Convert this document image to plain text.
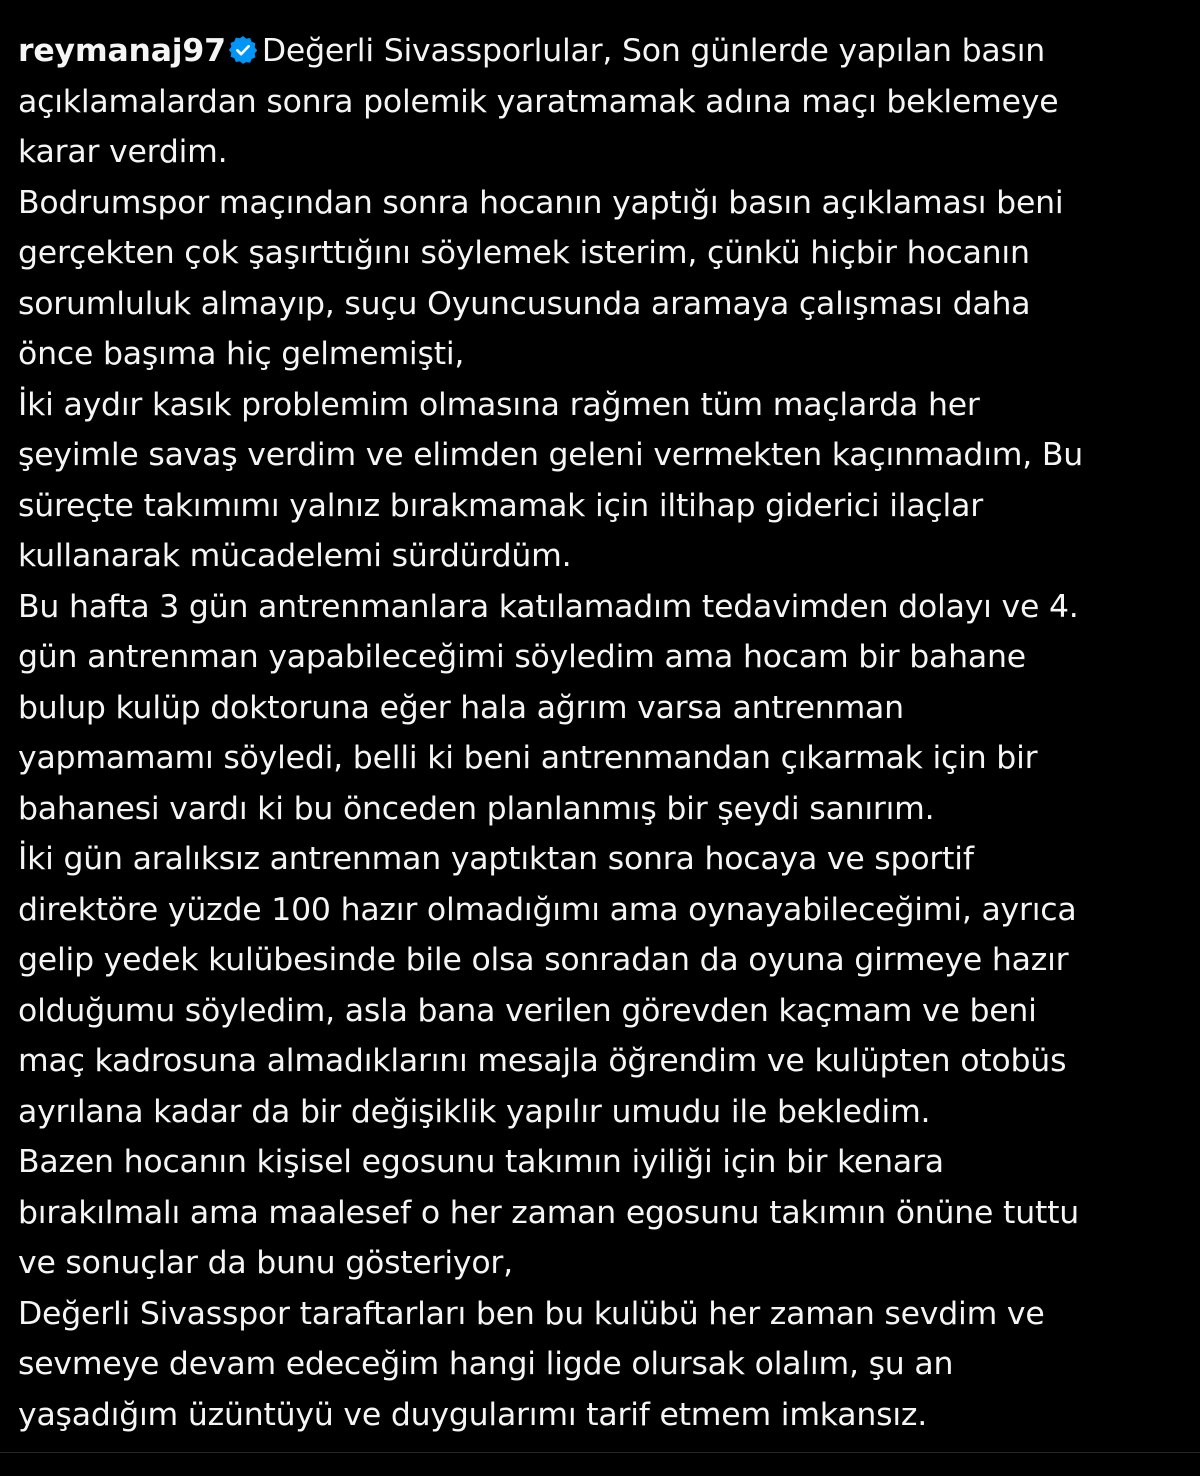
reymanaj97 Değerli Sivassporlular, Son günlerde yapılan basın
açıklamalardan sonra polemik yaratmamak adına maçı beklemeye
karar verdim.
Bodrumspor maçından sonra hocanın yaptığı basın açıklaması beni
gerçekten çok şaşırttığını söylemek isterim, çünkü hiçbir hocanın
sorumluluk almayıp, suçu Oyuncusunda aramaya çalışması daha
önce başıma hiç gelmemişti,
İki aydır kasık problemim olmasına rağmen tüm maçlarda her
şeyimle savaş verdim ve elimden geleni vermekten kaçınmadım, Bu
süreçte takımımı yalnız bırakmamak için iltihap giderici ilaçlar
kullanarak mücadelemi sürdürdüm.
Bu hafta 3 gün antrenmanlara katılamadım tedavimden dolayı ve 4.
gün antrenman yapabileceğimi söyledim ama hocam bir bahane
bulup kulüp doktoruna eğer hala ağrım varsa antrenman
yapmamamı söyledi, belli ki beni antrenmandan çıkarmak için bir
bahanesi vardı ki bu önceden planlanmış bir şeydi sanırım.
İki gün aralıksız antrenman yaptıktan sonra hocaya ve sportif
direktöre yüzde 100 hazır olmadığımı ama oynayabileceğimi, ayrıca
gelip yedek kulübesinde bile olsa sonradan da oyuna girmeye hazır
olduğumu söyledim, asla bana verilen görevden kaçmam ve beni
maç kadrosuna almadıklarını mesajla öğrendim ve kulüpten otobüs
ayrılana kadar da bir değişiklik yapılır umudu ile bekledim.
Bazen hocanın kişisel egosunu takımın iyiliği için bir kenara
bırakılmalı ama maalesef o her zaman egosunu takımın önüne tuttu
ve sonuçlar da bunu gösteriyor,
Değerli Sivasspor taraftarları ben bu kulübü her zaman sevdim ve
sevmeye devam edeceğim hangi ligde olursak olalım, şu an
yaşadığım üzüntüyü ve duygularımı tarif etmem imkansız.
